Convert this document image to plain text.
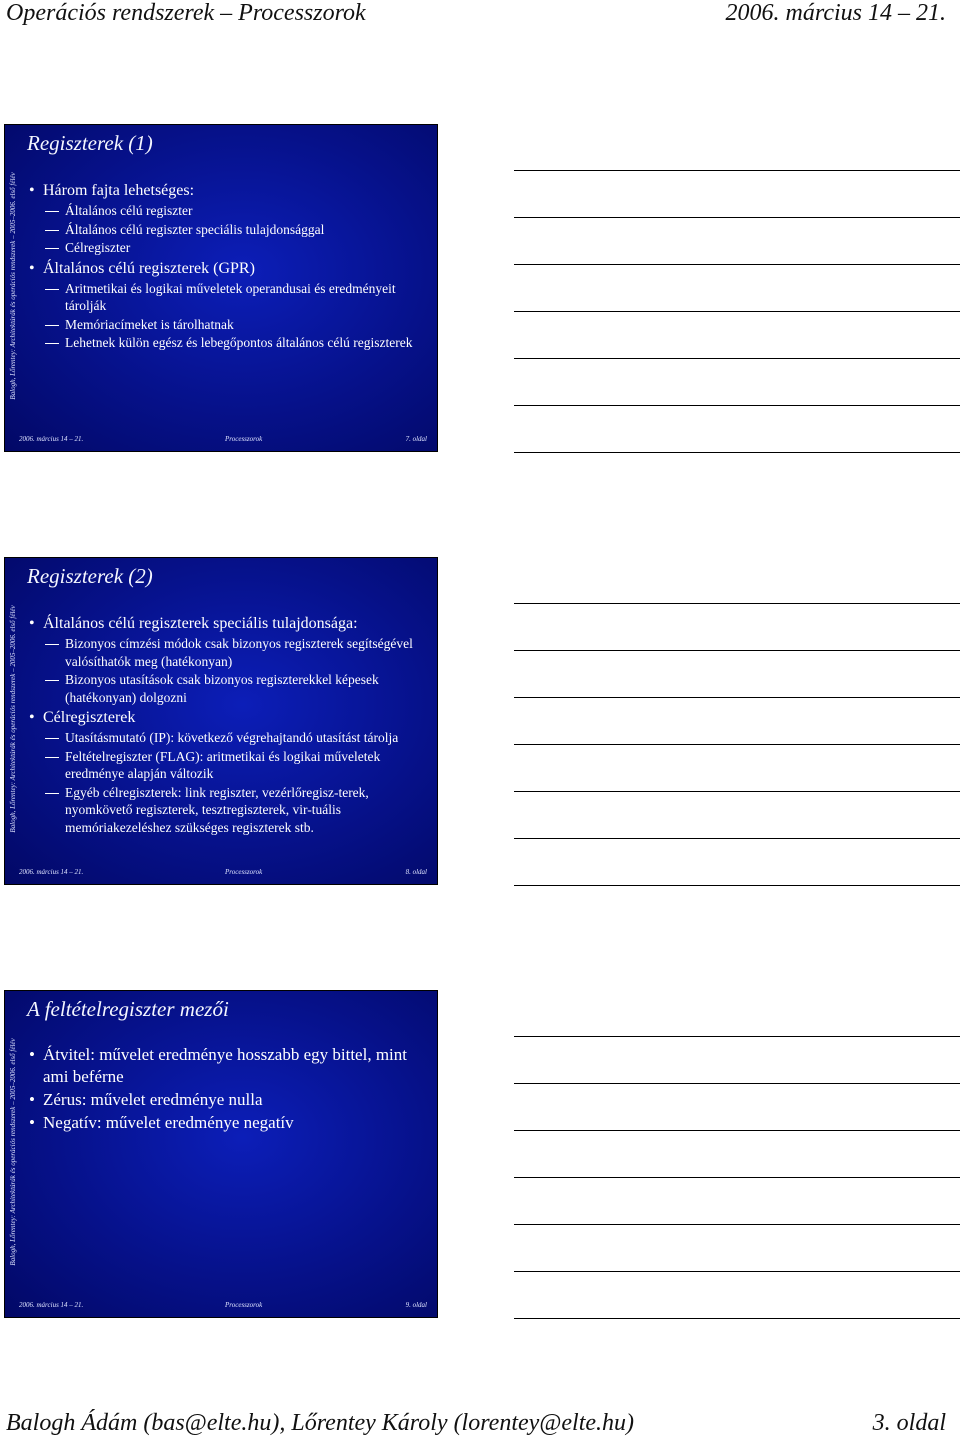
Operációs rendszerek – Processzorok	2006. március 14 – 21.
Balogh, Lőrentey: Architektúrák és operációs rendszerek – 2005–2006. első félév
Regiszterek (1)
• Három fajta lehetséges:
Általános célú regiszter
Általános célú regiszter speciális tulajdonsággal
Célregiszter
• Általános célú regiszterek (GPR)
Aritmetikai és logikai műveletek operandusai és eredményeit tárolják
Memóriacímeket is tárolhatnak
Lehetnek külön egész és lebegőpontos általános célú regiszterek
2006. március 14 – 21.	Processzorok	7. oldal
Balogh, Lőrentey: Architektúrák és operációs rendszerek – 2005–2006. első félév
Regiszterek (2)
• Általános célú regiszterek speciális tulajdonsága:
Bizonyos címzési módok csak bizonyos regiszterek segítségével valósíthatók meg (hatékonyan)
Bizonyos utasítások csak bizonyos regiszterekkel képesek (hatékonyan) dolgozni
• Célregiszterek
Utasításmutató (IP): következő végrehajtandó utasítást tárolja
Feltételregiszter (FLAG): aritmetikai és logikai műveletek eredménye alapján változik
Egyéb célregiszterek: link regiszter, vezérlőregisz-terek, nyomkövető regiszterek, tesztregiszterek, vir-tuális memóriakezeléshez szükséges regiszterek stb.
2006. március 14 – 21.	Processzorok	8. oldal
Balogh, Lőrentey: Architektúrák és operációs rendszerek – 2005–2006. első félév
A feltételregiszter mezői
• Átvitel: művelet eredménye hosszabb egy bittel, mint ami beférne
• Zérus: művelet eredménye nulla
• Negatív: művelet eredménye negatív
2006. március 14 – 21.	Processzorok	9. oldal
Balogh Ádám (bas@elte.hu), Lőrentey Károly (lorentey@elte.hu)	3. oldal
